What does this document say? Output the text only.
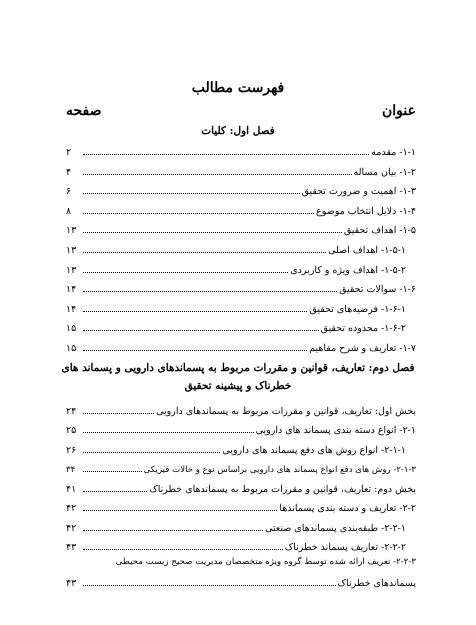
فهرست مطالب
عنوان
صفحه
فصل اول: کلیات
۱-۱- مقدمه
۲
۱-۲- بیان مساله
۴
۱-۳- اهمیت و ضرورت تحقیق
۶
۱-۴- دلایل انتخاب موضوع
۸
۱-۵- اهداف تحقیق
۱۳
۱-۵-۱- اهداف اصلی
۱۳
۱-۵-۲- اهداف ویژه و کاربردی
۱۳
۱-۶- سوالات تحقیق
۱۴
۱-۶-۱- فرضیه‌های تحقیق
۱۴
۱-۶-۲- محدوده تحقیق
۱۵
۱-۷- تعاریف و شرح مفاهیم
۱۵
فصل دوم: تعاریف، قوانین و مقررات مربوط به پسماندهای دارویی و پسماند های
خطرناک و پیشینه تحقیق
بخش اول: تعاریف، قوانین و مقررات مربوط به پسماندهای دارویی
۲۴
۲-۱- انواع دسته بندی پسماند های دارویی
۲۵
۲-۱-۱- انواع روش های دفع پسماند های دارویی
۲۶
۲-۱-۳- روش های دفع انواع پسماند های دارویی براساس نوع و حالات فیزیکی
۳۴
بخش دوم: تعاریف، قوانین و مقررات مربوط به پسماندهای خطرناک
۴۱
۲-۲- تعاریف و دسته بندی پسماندها
۴۲
۲-۲-۱- طبقه‌بندی پسماندهای صنعتی
۴۲
۲-۲-۲- تعاریف پسماند خطرناک
۴۳
۲-۲-۳- تعریف ارائه شده توسط گروه ویژه متخصصان مدیریت صحیح زیست محیطی
پسماندهای خطرناک
۴۳
